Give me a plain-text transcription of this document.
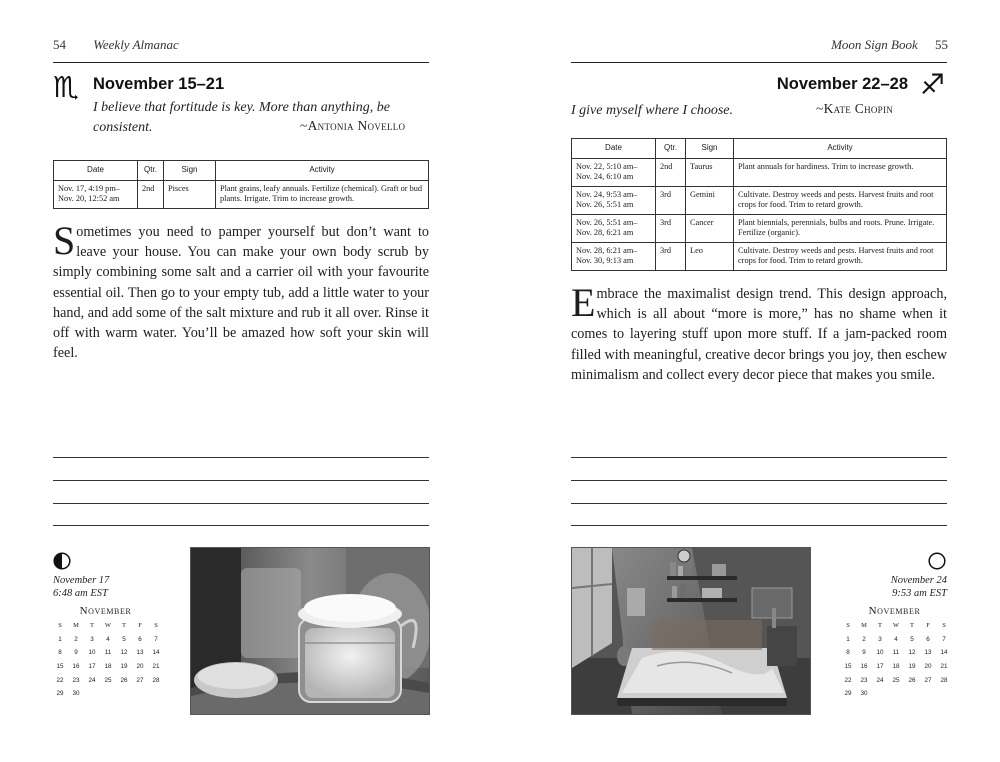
54 Weekly Almanac
♏ November 15–21
I believe that fortitude is key. More than anything, be
consistent.	~Antonia Novello
Date	Qtr.	Sign	Activity
Nov. 17, 4:19 pm–
Nov. 20, 12:52 am	2nd	Pisces	Plant grains, leafy annuals. Fertilize (chemical). Graft or bud
plants. Irrigate. Trim to increase growth.

Sometimes you need to pamper yourself but don’t want to leave your house. You can make your own body scrub by simply combining some salt and a carrier oil with your favourite essential oil. Then go to your empty tub, add a little water to your hand, and add some of the salt mixture and rub it all over. Rinse it off with warm water. You’ll be amazed how soft your skin will feel.

November 17
6:48 am EST
November
S	M	T	W	T	F	S
1	2	3	4	5	6	7
8	9	10	11	12	13	14
15	16	17	18	19	20	21
22	23	24	25	26	27	28
29	30
Moon Sign Book 55
November 22–28 ♐
I give myself where I choose.	~Kate Chopin
Date	Qtr.	Sign	Activity
Nov. 22, 5:10 am–
Nov. 24, 6:10 am	2nd	Taurus	Plant annuals for hardiness. Trim to increase growth.
Nov. 24, 9:53 am–
Nov. 26, 5:51 am	3rd	Gemini	Cultivate. Destroy weeds and pests. Harvest fruits and root
crops for food. Trim to retard growth.
Nov. 26, 5:51 am–
Nov. 28, 6:21 am	3rd	Cancer	Plant biennials, perennials, bulbs and roots. Prune. Irrigate.
Fertilize (organic).
Nov. 28, 6:21 am–
Nov. 30, 9:13 am	3rd	Leo	Cultivate. Destroy weeds and pests. Harvest fruits and root
crops for food. Trim to retard growth.

Embrace the maximalist design trend. This design approach, which is all about “more is more,” has no shame when it comes to layering stuff upon more stuff. If a jam-packed room filled with meaningful, creative decor brings you joy, then eschew minimalism and collect every decor piece that makes you smile.

November 24
9:53 am EST
November
S	M	T	W	T	F	S
1	2	3	4	5	6	7
8	9	10	11	12	13	14
15	16	17	18	19	20	21
22	23	24	25	26	27	28
29	30
